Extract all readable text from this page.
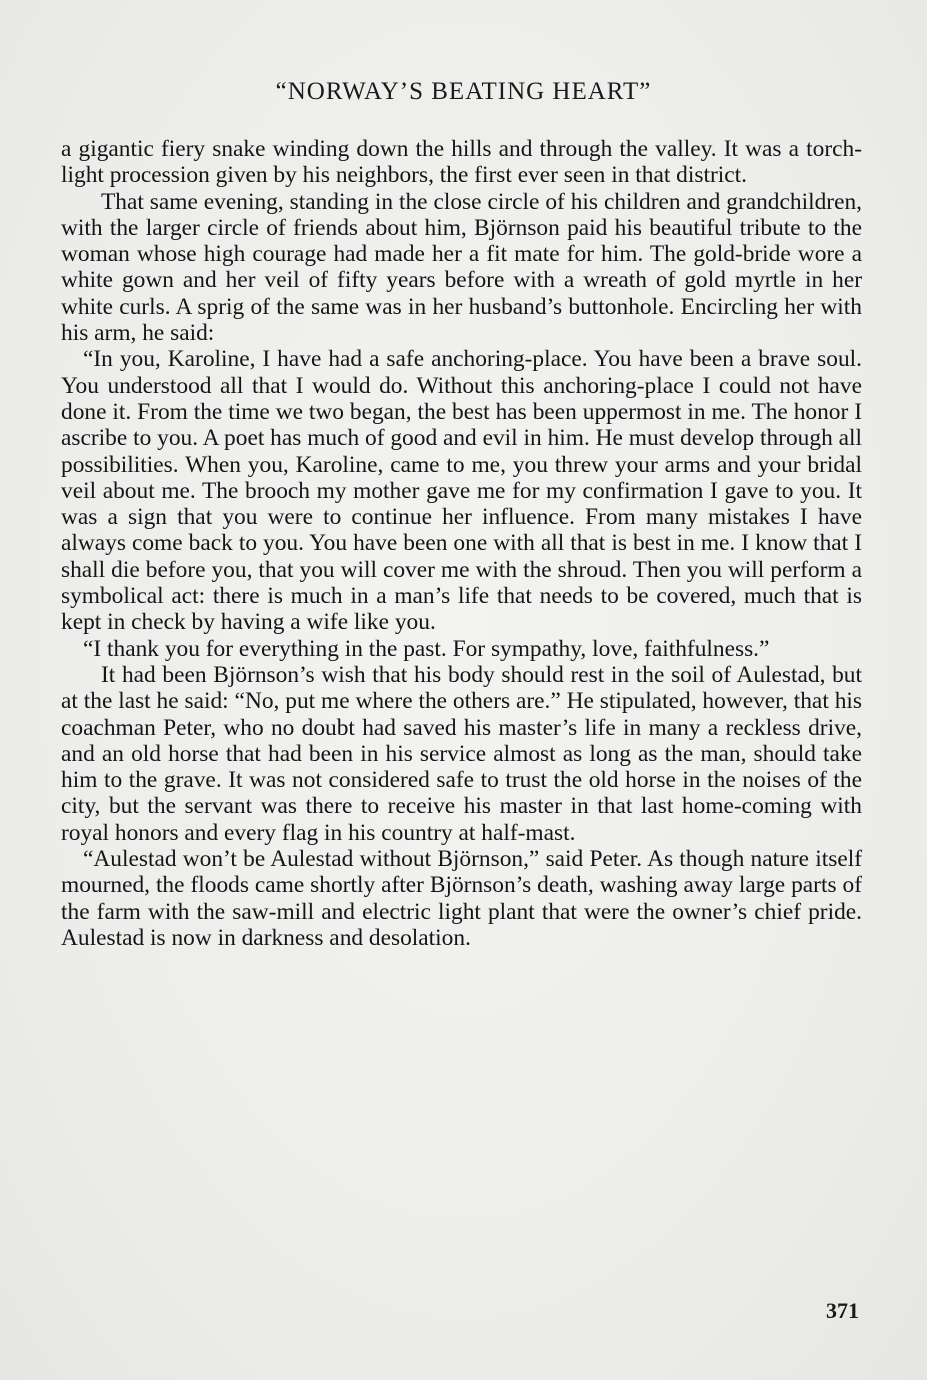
“NORWAY’S BEATING HEART”

a gigantic fiery snake winding down the hills and through the valley. It was a torch-light procession given by his neighbors, the first ever seen in that district.

That same evening, standing in the close circle of his children and grandchildren, with the larger circle of friends about him, Björnson paid his beautiful tribute to the woman whose high courage had made her a fit mate for him. The gold-bride wore a white gown and her veil of fifty years before with a wreath of gold myrtle in her white curls. A sprig of the same was in her husband’s buttonhole. Encircling her with his arm, he said:

“In you, Karoline, I have had a safe anchoring-place. You have been a brave soul. You understood all that I would do. Without this anchoring-place I could not have done it. From the time we two began, the best has been uppermost in me. The honor I ascribe to you. A poet has much of good and evil in him. He must develop through all possibilities. When you, Karoline, came to me, you threw your arms and your bridal veil about me. The brooch my mother gave me for my confirmation I gave to you. It was a sign that you were to continue her influence. From many mistakes I have always come back to you. You have been one with all that is best in me. I know that I shall die before you, that you will cover me with the shroud. Then you will perform a symbolical act: there is much in a man’s life that needs to be covered, much that is kept in check by having a wife like you.

“I thank you for everything in the past. For sympathy, love, faithfulness.”

It had been Björnson’s wish that his body should rest in the soil of Aulestad, but at the last he said: “No, put me where the others are.” He stipulated, however, that his coachman Peter, who no doubt had saved his master’s life in many a reckless drive, and an old horse that had been in his service almost as long as the man, should take him to the grave. It was not considered safe to trust the old horse in the noises of the city, but the servant was there to receive his master in that last home-coming with royal honors and every flag in his country at half-mast.

“Aulestad won’t be Aulestad without Björnson,” said Peter. As though nature itself mourned, the floods came shortly after Björnson’s death, washing away large parts of the farm with the saw-mill and electric light plant that were the owner’s chief pride. Aulestad is now in darkness and desolation.

371
